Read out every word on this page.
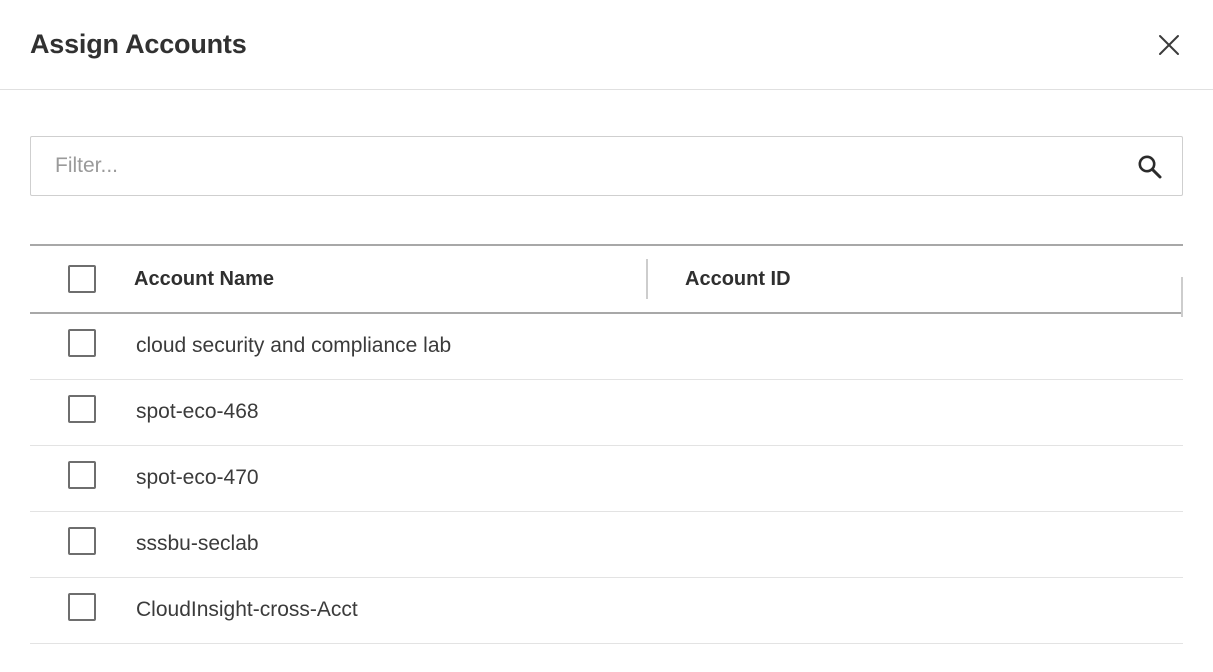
Assign Accounts
Filter...

	Account Name	Account ID

	cloud security and compliance lab	
	spot-eco-468	
	spot-eco-470	
	sssbu-seclab	
	CloudInsight-cross-Acct	
